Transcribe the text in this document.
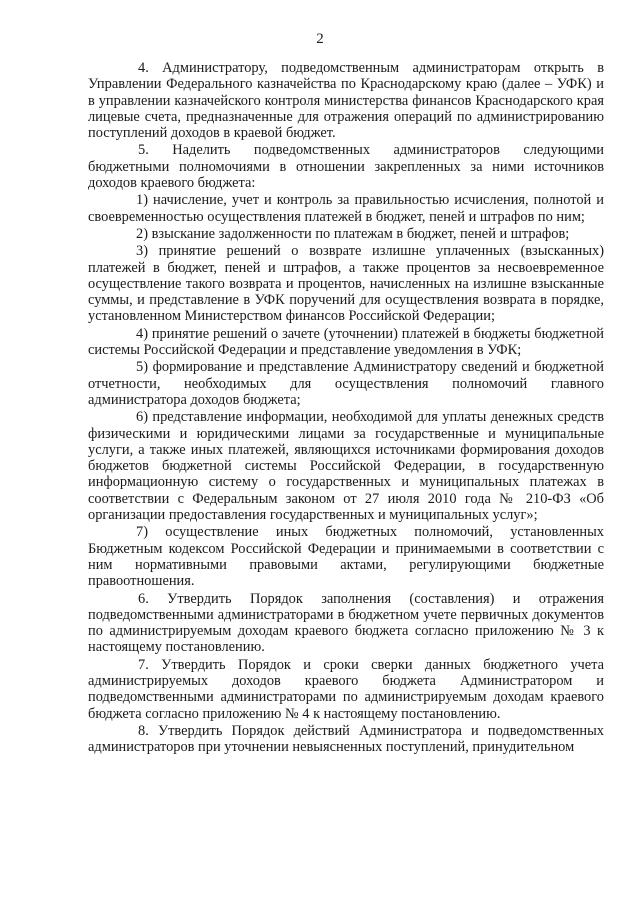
2

4. Администратору, подведомственным администраторам открыть в Управлении Федерального казначейства по Краснодарскому краю (далее – УФК) и в управлении казначейского контроля министерства финансов Краснодарского края лицевые счета, предназначенные для отражения операций по администрированию поступлений доходов в краевой бюджет.

5. Наделить подведомственных администраторов следующими бюджетными полномочиями в отношении закрепленных за ними источников доходов краевого бюджета:

1) начисление, учет и контроль за правильностью исчисления, полнотой и своевременностью осуществления платежей в бюджет, пеней и штрафов по ним;

2) взыскание задолженности по платежам в бюджет, пеней и штрафов;

3) принятие решений о возврате излишне уплаченных (взысканных) платежей в бюджет, пеней и штрафов, а также процентов за несвоевременное осуществление такого возврата и процентов, начисленных на излишне взысканные суммы, и представление в УФК поручений для осуществления возврата в порядке, установленном Министерством финансов Российской Федерации;

4) принятие решений о зачете (уточнении) платежей в бюджеты бюджетной системы Российской Федерации и представление уведомления в УФК;

5) формирование и представление Администратору сведений и бюджетной отчетности, необходимых для осуществления полномочий главного администратора доходов бюджета;

6) представление информации, необходимой для уплаты денежных средств физическими и юридическими лицами за государственные и муниципальные услуги, а также иных платежей, являющихся источниками формирования доходов бюджетов бюджетной системы Российской Федерации, в государственную информационную систему о государственных и муниципальных платежах в соответствии с Федеральным законом от 27 июля 2010 года № 210-ФЗ «Об организации предоставления государственных и муниципальных услуг»;

7) осуществление иных бюджетных полномочий, установленных Бюджетным кодексом Российской Федерации и принимаемыми в соответствии с ним нормативными правовыми актами, регулирующими бюджетные правоотношения.

6. Утвердить Порядок заполнения (составления) и отражения подведомственными администраторами в бюджетном учете первичных документов по администрируемым доходам краевого бюджета согласно приложению № 3 к настоящему постановлению.

7. Утвердить Порядок и сроки сверки данных бюджетного учета администрируемых доходов краевого бюджета Администратором и подведомственными администраторами по администрируемым доходам краевого бюджета согласно приложению № 4 к настоящему постановлению.

8. Утвердить Порядок действий Администратора и подведомственных администраторов при уточнении невыясненных поступлений, принудительном
